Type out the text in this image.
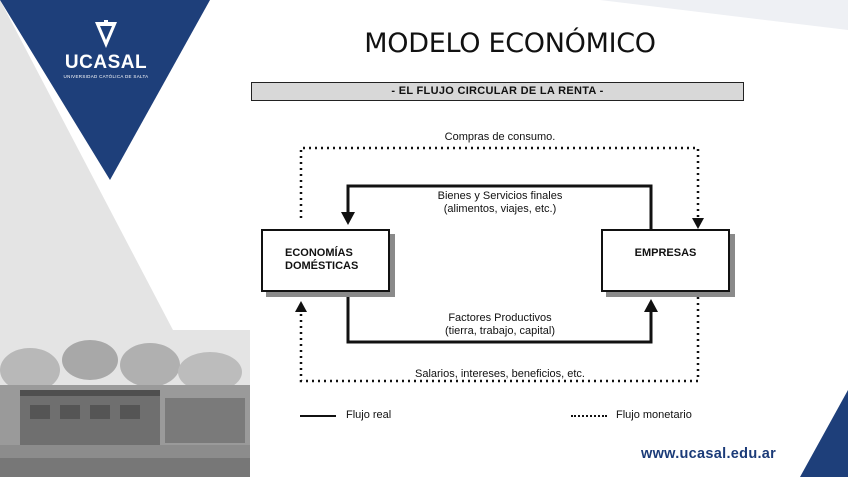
UCASAL
UNIVERSIDAD CATÓLICA DE SALTA
MODELO ECONÓMICO
- EL FLUJO CIRCULAR DE LA RENTA -
ECONOMÍAS
DOMÉSTICAS
EMPRESAS
Compras de consumo.
Bienes y Servicios finales
(alimentos, viajes, etc.)
Factores Productivos
(tierra, trabajo, capital)
Salarios, intereses, beneficios, etc.
Flujo real	Flujo monetario
www.ucasal.edu.ar
